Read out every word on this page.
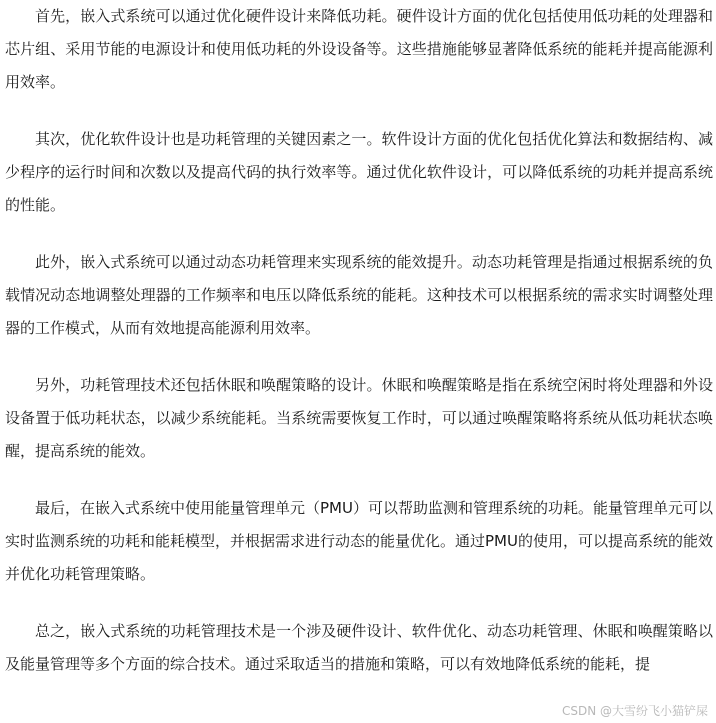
首先，嵌入式系统可以通过优化硬件设计来降低功耗。硬件设计方面的优化包括使用低功耗的处理器和芯片组、采用节能的电源设计和使用低功耗的外设设备等。这些措施能够显著降低系统的能耗并提高能源利用效率。

其次，优化软件设计也是功耗管理的关键因素之一。软件设计方面的优化包括优化算法和数据结构、减少程序的运行时间和次数以及提高代码的执行效率等。通过优化软件设计，可以降低系统的功耗并提高系统的性能。

此外，嵌入式系统可以通过动态功耗管理来实现系统的能效提升。动态功耗管理是指通过根据系统的负载情况动态地调整处理器的工作频率和电压以降低系统的能耗。这种技术可以根据系统的需求实时调整处理器的工作模式，从而有效地提高能源利用效率。

另外，功耗管理技术还包括休眠和唤醒策略的设计。休眠和唤醒策略是指在系统空闲时将处理器和外设设备置于低功耗状态，以减少系统能耗。当系统需要恢复工作时，可以通过唤醒策略将系统从低功耗状态唤醒，提高系统的能效。

最后，在嵌入式系统中使用能量管理单元（PMU）可以帮助监测和管理系统的功耗。能量管理单元可以实时监测系统的功耗和能耗模型，并根据需求进行动态的能量优化。通过PMU的使用，可以提高系统的能效并优化功耗管理策略。

总之，嵌入式系统的功耗管理技术是一个涉及硬件设计、软件优化、动态功耗管理、休眠和唤醒策略以及能量管理等多个方面的综合技术。通过采取适当的措施和策略，可以有效地降低系统的能耗，提

CSDN @大雪纷飞小猫铲屎
